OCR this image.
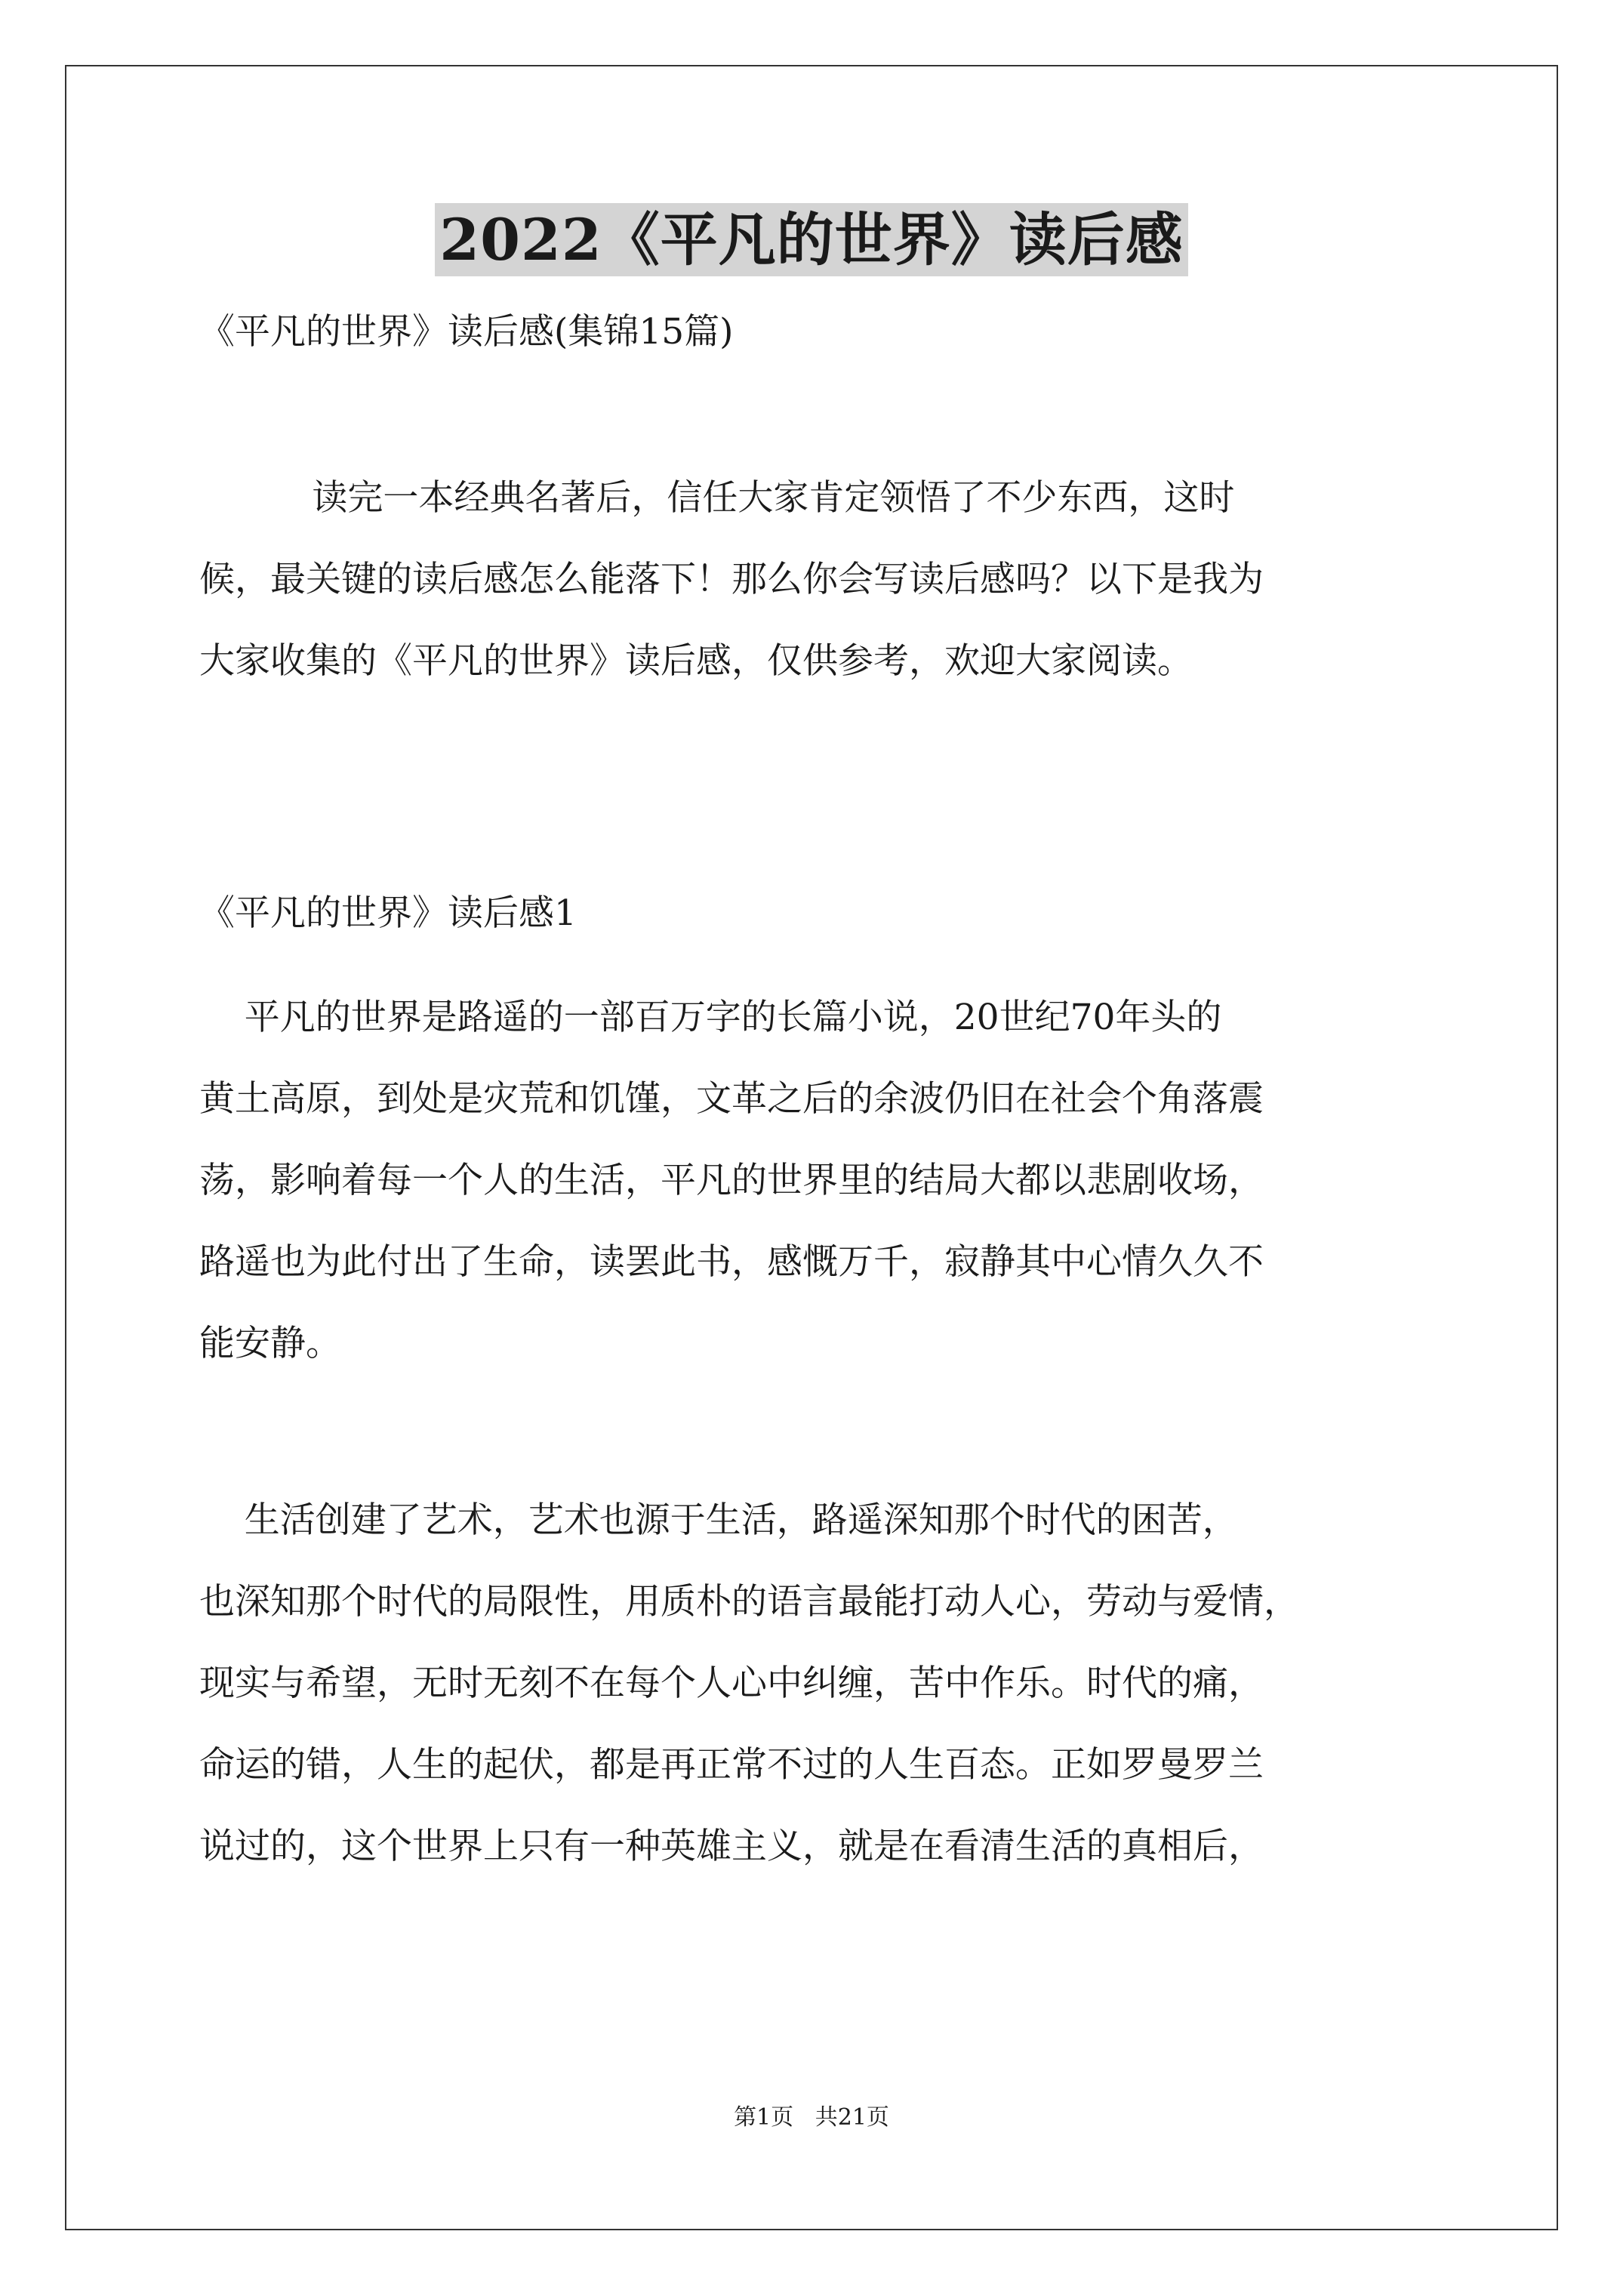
2022《平凡的世界》读后感
《平凡的世界》读后感(集锦15篇)
读完一本经典名著后，信任大家肯定领悟了不少东西，这时
候，最关键的读后感怎么能落下！那么你会写读后感吗？以下是我为
大家收集的《平凡的世界》读后感，仅供参考，欢迎大家阅读。
《平凡的世界》读后感1
平凡的世界是路遥的一部百万字的长篇小说，20世纪70年头的
黄土高原，到处是灾荒和饥馑，文革之后的余波仍旧在社会个角落震
荡，影响着每一个人的生活，平凡的世界里的结局大都以悲剧收场，
路遥也为此付出了生命，读罢此书，感慨万千，寂静其中心情久久不
能安静。
生活创建了艺术，艺术也源于生活，路遥深知那个时代的困苦，
也深知那个时代的局限性，用质朴的语言最能打动人心，劳动与爱情，
现实与希望，无时无刻不在每个人心中纠缠，苦中作乐。时代的痛，
命运的错，人生的起伏，都是再正常不过的人生百态。正如罗曼罗兰
说过的，这个世界上只有一种英雄主义，就是在看清生活的真相后，
第1页   共21页
